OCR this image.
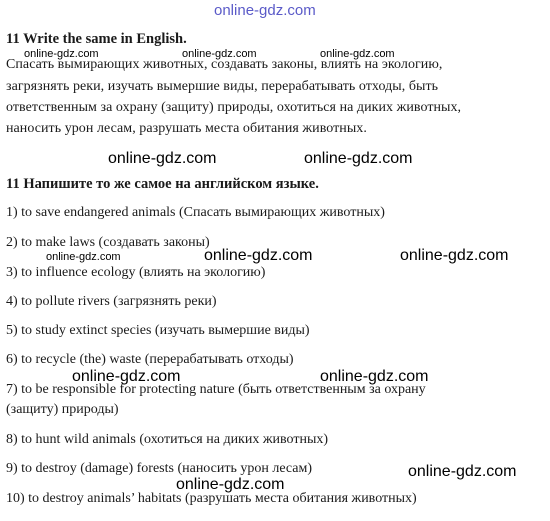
online-gdz.com
11 Write the same in English.
Спасать вымирающих животных, создавать законы, влиять на экологию,
загрязнять реки, изучать вымершие виды, перерабатывать отходы, быть
ответственным за охрану (защиту) природы, охотиться на диких животных,
наносить урон лесам, разрушать места обитания животных.
online-gdz.com	online-gdz.com	online-gdz.com
online-gdz.com	online-gdz.com
11 Напишите то же самое на английском языке.
1) to save endangered animals (Спасать вымирающих животных)
2) to make laws (создавать законы)
online-gdz.com	online-gdz.com	online-gdz.com
3) to influence ecology (влиять на экологию)
4) to pollute rivers (загрязнять реки)
5) to study extinct species (изучать вымершие виды)
6) to recycle (the) waste (перерабатывать отходы)
online-gdz.com	online-gdz.com
7) to be responsible for protecting nature (быть ответственным за охрану
(защиту) природы)
8) to hunt wild animals (охотиться на диких животных)
9) to destroy (damage) forests (наносить урон лесам)	online-gdz.com
online-gdz.com
10) to destroy animals’ habitats (разрушать места обитания животных)
